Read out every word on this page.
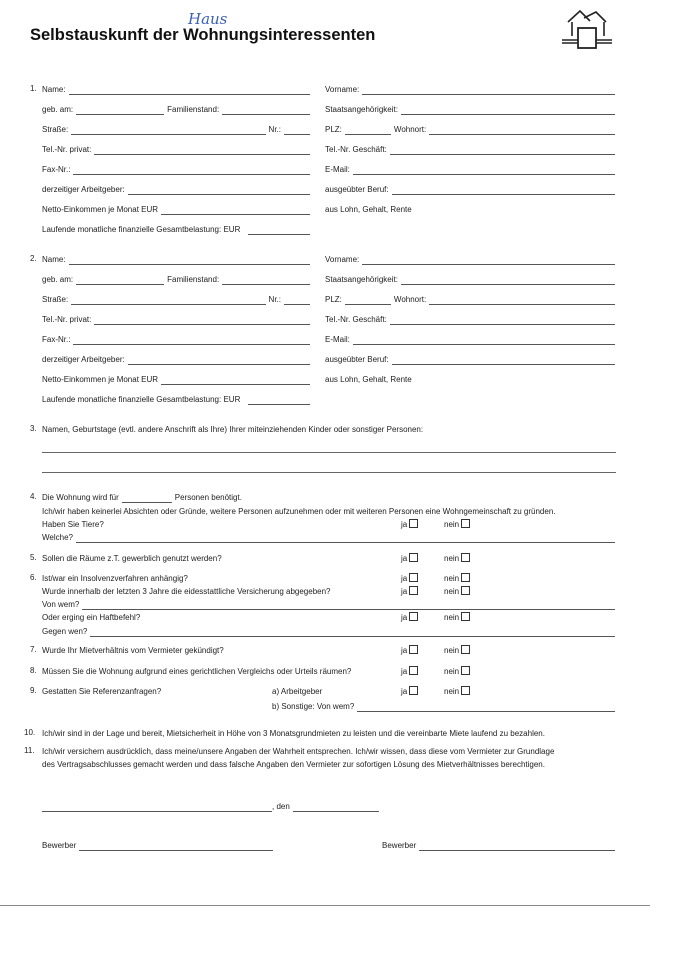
Haus
Selbstauskunft der Wohnungsinteressenten
1. Name:	Vorname:
geb. am:	Familienstand:	Staatsangehörigkeit:
Straße:	Nr.:	PLZ:	Wohnort:
Tel.-Nr. privat:	Tel.-Nr. Geschäft:
Fax-Nr.:	E-Mail:
derzeitiger Arbeitgeber:	ausgeübter Beruf:
Netto-Einkommen je Monat EUR	aus Lohn, Gehalt, Rente
Laufende monatliche finanzielle Gesamtbelastung: EUR
2. Name:	Vorname:
geb. am:	Familienstand:	Staatsangehörigkeit:
Straße:	Nr.:	PLZ:	Wohnort:
Tel.-Nr. privat:	Tel.-Nr. Geschäft:
Fax-Nr.:	E-Mail:
derzeitiger Arbeitgeber:	ausgeübter Beruf:
Netto-Einkommen je Monat EUR	aus Lohn, Gehalt, Rente
Laufende monatliche finanzielle Gesamtbelastung: EUR
3. Namen, Geburtstage (evtl. andere Anschrift als Ihre) Ihrer miteinziehenden Kinder oder sonstiger Personen:
4. Die Wohnung wird für	Personen benötigt.
Ich/wir haben keinerlei Absichten oder Gründe, weitere Personen aufzunehmen oder mit weiteren Personen eine Wohngemeinschaft zu gründen.
Haben Sie Tiere?	ja	nein
Welche?
5. Sollen die Räume z.T. gewerblich genutzt werden?	ja	nein
6. Ist/war ein Insolvenzverfahren anhängig?	ja	nein
Wurde innerhalb der letzten 3 Jahre die eidesstattliche Versicherung abgegeben?	ja	nein
Von wem?
Oder erging ein Haftbefehl?	ja	nein
Gegen wen?
7. Wurde Ihr Mietverhältnis vom Vermieter gekündigt?	ja	nein
8. Müssen Sie die Wohnung aufgrund eines gerichtlichen Vergleichs oder Urteils räumen?	ja	nein
9. Gestatten Sie Referenzanfragen?	a) Arbeitgeber	ja	nein
b) Sonstige: Von wem?
10. Ich/wir sind in der Lage und bereit, Mietsicherheit in Höhe von 3 Monatsgrundmieten zu leisten und die vereinbarte Miete laufend zu bezahlen.
11. Ich/wir versichern ausdrücklich, dass meine/unsere Angaben der Wahrheit entsprechen. Ich/wir wissen, dass diese vom Vermieter zur Grundlage
des Vertragsabschlusses gemacht werden und dass falsche Angaben den Vermieter zur sofortigen Lösung des Mietverhältnisses berechtigen.
, den
Bewerber	Bewerber
